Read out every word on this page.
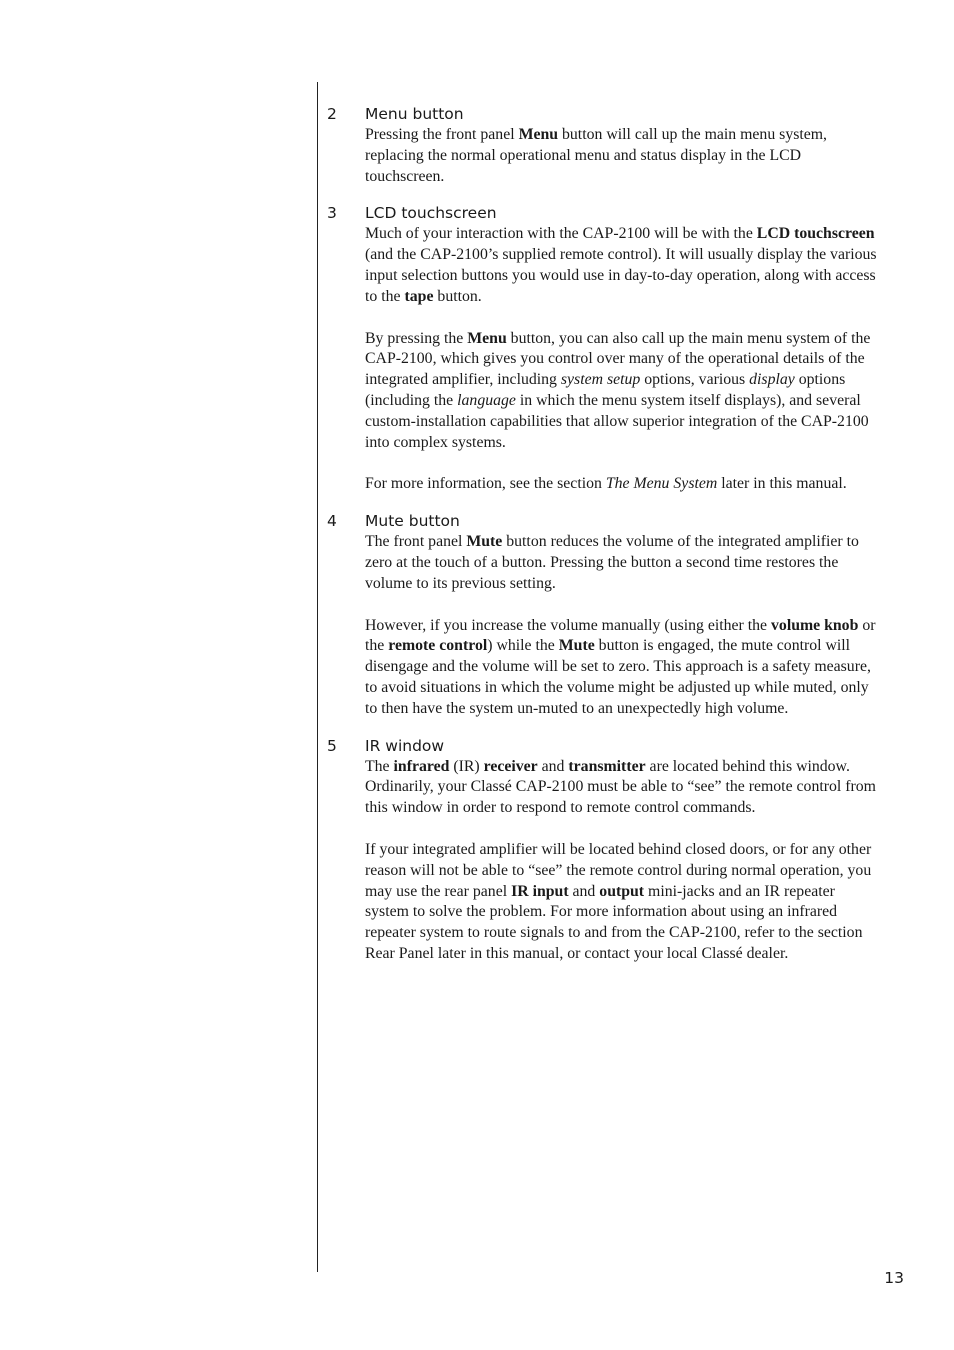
2 Menu button

Pressing the front panel Menu button will call up the main menu system, replacing the normal operational menu and status display in the LCD touchscreen.

3 LCD touchscreen

Much of your interaction with the CAP-2100 will be with the LCD touchscreen (and the CAP-2100’s supplied remote control). It will usually display the various input selection buttons you would use in day-to-day operation, along with access to the tape button.

By pressing the Menu button, you can also call up the main menu system of the CAP-2100, which gives you control over many of the operational details of the integrated amplifier, including system setup options, various display options (including the language in which the menu system itself displays), and several custom-installation capabilities that allow superior integration of the CAP-2100 into complex systems.

For more information, see the section The Menu System later in this manual.

4 Mute button

The front panel Mute button reduces the volume of the integrated amplifier to zero at the touch of a button. Pressing the button a second time restores the volume to its previous setting.

However, if you increase the volume manually (using either the volume knob or the remote control) while the Mute button is engaged, the mute control will disengage and the volume will be set to zero. This approach is a safety measure, to avoid situations in which the volume might be adjusted up while muted, only to then have the system un-muted to an unexpectedly high volume.

5 IR window

The infrared (IR) receiver and transmitter are located behind this window. Ordinarily, your Classé CAP-2100 must be able to “see” the remote control from this window in order to respond to remote control commands.

If your integrated amplifier will be located behind closed doors, or for any other reason will not be able to “see” the remote control during normal operation, you may use the rear panel IR input and output mini-jacks and an IR repeater system to solve the problem. For more information about using an infrared repeater system to route signals to and from the CAP-2100, refer to the section Rear Panel later in this manual, or contact your local Classé dealer.

13
